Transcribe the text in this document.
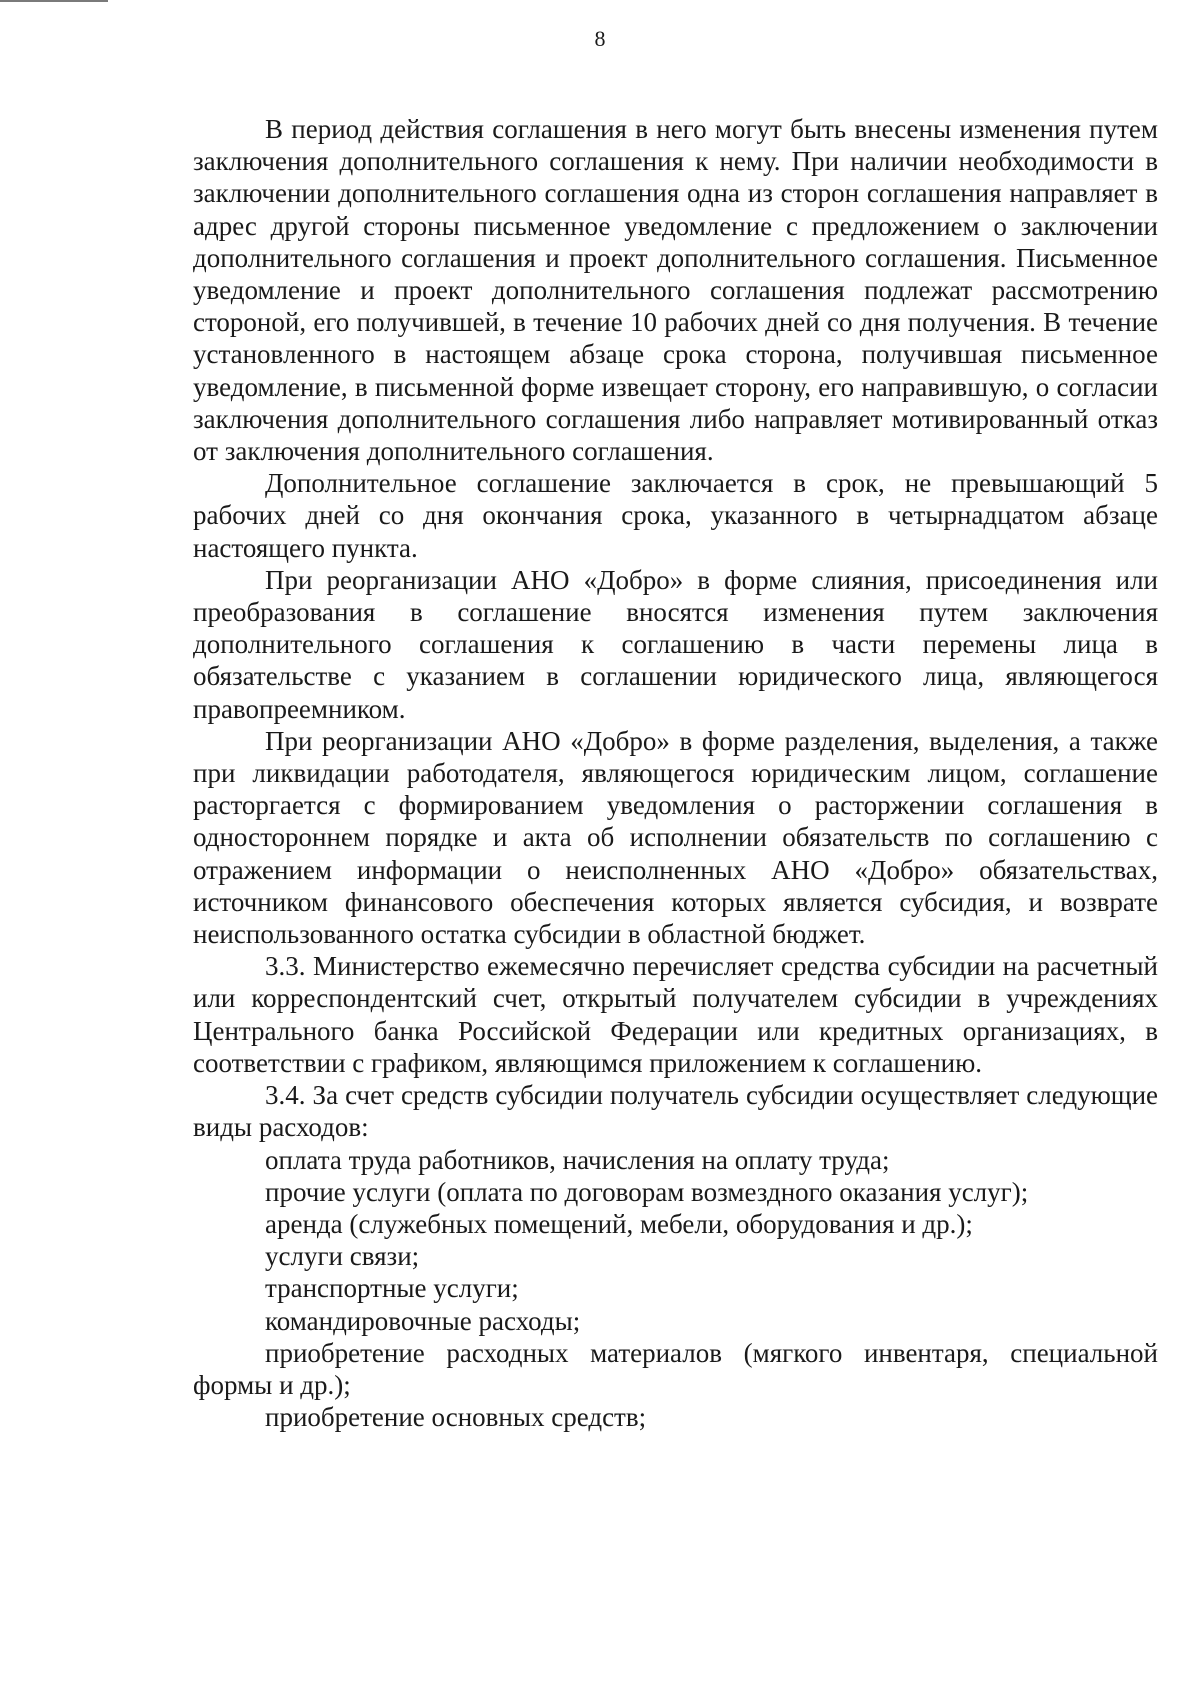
8

В период действия соглашения в него могут быть внесены изменения путем заключения дополнительного соглашения к нему. При наличии необходимости в заключении дополнительного соглашения одна из сторон соглашения направляет в адрес другой стороны письменное уведомление с предложением о заключении дополнительного соглашения и проект дополнительного соглашения. Письменное уведомление и проект дополнительного соглашения подлежат рассмотрению стороной, его получившей, в течение 10 рабочих дней со дня получения. В течение установленного в настоящем абзаце срока сторона, получившая письменное уведомление, в письменной форме извещает сторону, его направившую, о согласии заключения дополнительного соглашения либо направляет мотивированный отказ от заключения дополнительного соглашения.

Дополнительное соглашение заключается в срок, не превышающий 5 рабочих дней со дня окончания срока, указанного в четырнадцатом абзаце настоящего пункта.

При реорганизации АНО «Добро» в форме слияния, присоединения или преобразования в соглашение вносятся изменения путем заключения дополнительного соглашения к соглашению в части перемены лица в обязательстве с указанием в соглашении юридического лица, являющегося правопреемником.

При реорганизации АНО «Добро» в форме разделения, выделения, а также при ликвидации работодателя, являющегося юридическим лицом, соглашение расторгается с формированием уведомления о расторжении соглашения в одностороннем порядке и акта об исполнении обязательств по соглашению с отражением информации о неисполненных АНО «Добро» обязательствах, источником финансового обеспечения которых является субсидия, и возврате неиспользованного остатка субсидии в областной бюджет.

3.3. Министерство ежемесячно перечисляет средства субсидии на расчетный или корреспондентский счет, открытый получателем субсидии в учреждениях Центрального банка Российской Федерации или кредитных организациях, в соответствии с графиком, являющимся приложением к соглашению.

3.4. За счет средств субсидии получатель субсидии осуществляет следующие виды расходов:

оплата труда работников, начисления на оплату труда;

прочие услуги (оплата по договорам возмездного оказания услуг);

аренда (служебных помещений, мебели, оборудования и др.);

услуги связи;

транспортные услуги;

командировочные расходы;

приобретение расходных материалов (мягкого инвентаря, специальной формы и др.);

приобретение основных средств;
